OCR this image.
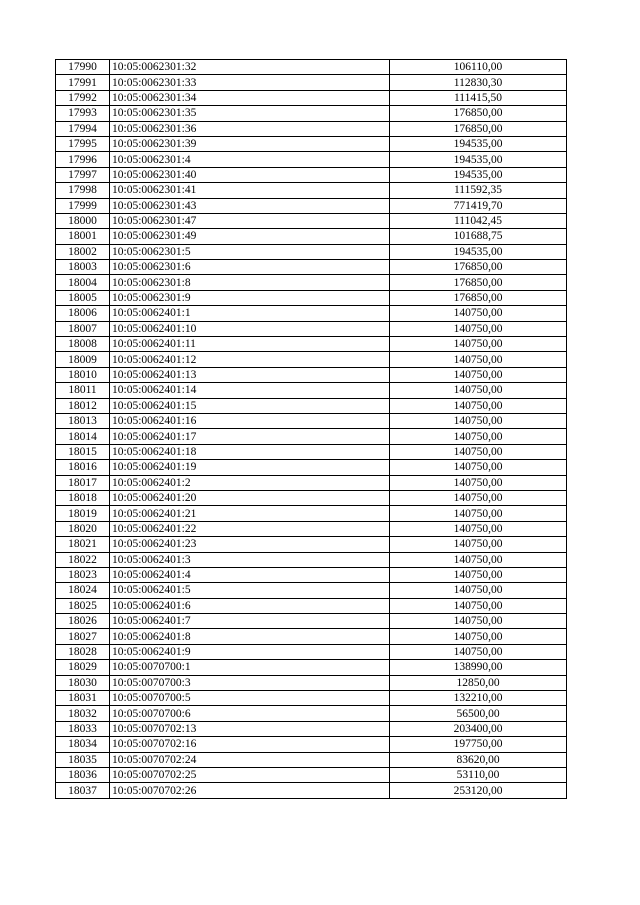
17990	10:05:0062301:32	106110,00
17991	10:05:0062301:33	112830,30
17992	10:05:0062301:34	111415,50
17993	10:05:0062301:35	176850,00
17994	10:05:0062301:36	176850,00
17995	10:05:0062301:39	194535,00
17996	10:05:0062301:4	194535,00
17997	10:05:0062301:40	194535,00
17998	10:05:0062301:41	111592,35
17999	10:05:0062301:43	771419,70
18000	10:05:0062301:47	111042,45
18001	10:05:0062301:49	101688,75
18002	10:05:0062301:5	194535,00
18003	10:05:0062301:6	176850,00
18004	10:05:0062301:8	176850,00
18005	10:05:0062301:9	176850,00
18006	10:05:0062401:1	140750,00
18007	10:05:0062401:10	140750,00
18008	10:05:0062401:11	140750,00
18009	10:05:0062401:12	140750,00
18010	10:05:0062401:13	140750,00
18011	10:05:0062401:14	140750,00
18012	10:05:0062401:15	140750,00
18013	10:05:0062401:16	140750,00
18014	10:05:0062401:17	140750,00
18015	10:05:0062401:18	140750,00
18016	10:05:0062401:19	140750,00
18017	10:05:0062401:2	140750,00
18018	10:05:0062401:20	140750,00
18019	10:05:0062401:21	140750,00
18020	10:05:0062401:22	140750,00
18021	10:05:0062401:23	140750,00
18022	10:05:0062401:3	140750,00
18023	10:05:0062401:4	140750,00
18024	10:05:0062401:5	140750,00
18025	10:05:0062401:6	140750,00
18026	10:05:0062401:7	140750,00
18027	10:05:0062401:8	140750,00
18028	10:05:0062401:9	140750,00
18029	10:05:0070700:1	138990,00
18030	10:05:0070700:3	12850,00
18031	10:05:0070700:5	132210,00
18032	10:05:0070700:6	56500,00
18033	10:05:0070702:13	203400,00
18034	10:05:0070702:16	197750,00
18035	10:05:0070702:24	83620,00
18036	10:05:0070702:25	53110,00
18037	10:05:0070702:26	253120,00
